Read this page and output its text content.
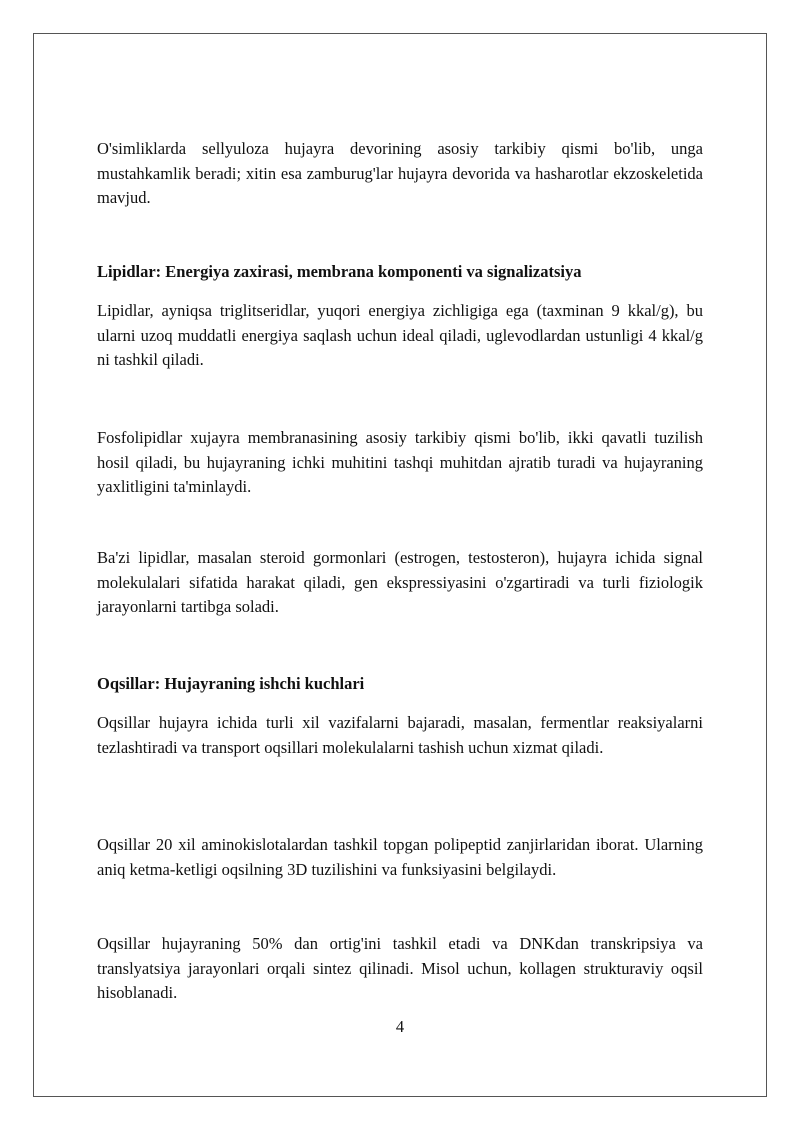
O'simliklarda sellyuloza hujayra devorining asosiy tarkibiy qismi bo'lib, unga mustahkamlik beradi; xitin esa zamburug'lar hujayra devorida va hasharotlar ekzoskeletida mavjud.

Lipidlar: Energiya zaxirasi, membrana komponenti va signalizatsiya

Lipidlar, ayniqsa triglitseridlar, yuqori energiya zichligiga ega (taxminan 9 kkal/g), bu ularni uzoq muddatli energiya saqlash uchun ideal qiladi, uglevodlardan ustunligi 4 kkal/g ni tashkil qiladi.

Fosfolipidlar xujayra membranasining asosiy tarkibiy qismi bo'lib, ikki qavatli tuzilish hosil qiladi, bu hujayraning ichki muhitini tashqi muhitdan ajratib turadi va hujayraning yaxlitligini ta'minlaydi.

Ba'zi lipidlar, masalan steroid gormonlari (estrogen, testosteron), hujayra ichida signal molekulalari sifatida harakat qiladi, gen ekspressiyasini o'zgartiradi va turli fiziologik jarayonlarni tartibga soladi.

Oqsillar: Hujayraning ishchi kuchlari

Oqsillar hujayra ichida turli xil vazifalarni bajaradi, masalan, fermentlar reaksiyalarni tezlashtiradi va transport oqsillari molekulalarni tashish uchun xizmat qiladi.

Oqsillar 20 xil aminokislotalardan tashkil topgan polipeptid zanjirlaridan iborat. Ularning aniq ketma-ketligi oqsilning 3D tuzilishini va funksiyasini belgilaydi.

Oqsillar hujayraning 50% dan ortig'ini tashkil etadi va DNKdan transkripsiya va translyatsiya jarayonlari orqali sintez qilinadi. Misol uchun, kollagen strukturaviy oqsil hisoblanadi.

4
